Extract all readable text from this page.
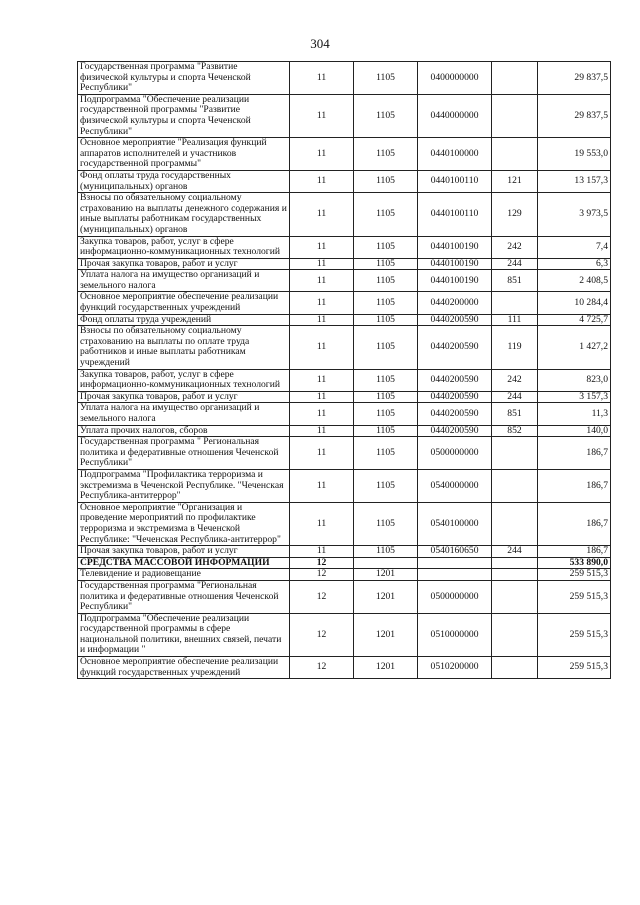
304
Государственная программа "Развитие физической культуры и спорта Чеченской Республики"	11	1105	0400000000		29 837,5
Подпрограмма "Обеспечение реализации государственной программы "Развитие физической культуры и спорта Чеченской Республики"	11	1105	0440000000		29 837,5
Основное мероприятие "Реализация функций аппаратов исполнителей и участников государственной программы"	11	1105	0440100000		19 553,0
Фонд оплаты труда государственных (муниципальных) органов	11	1105	0440100110	121	13 157,3
Взносы по обязательному социальному страхованию на выплаты денежного содержания и иные выплаты работникам государственных (муниципальных) органов	11	1105	0440100110	129	3 973,5
Закупка товаров, работ, услуг в сфере информационно-коммуникационных технологий	11	1105	0440100190	242	7,4
Прочая закупка товаров, работ и услуг	11	1105	0440100190	244	6,3
Уплата налога на имущество организаций и земельного налога	11	1105	0440100190	851	2 408,5
Основное мероприятие обеспечение реализации функций государственных учреждений	11	1105	0440200000		10 284,4
Фонд оплаты труда учреждений	11	1105	0440200590	111	4 725,7
Взносы по обязательному социальному страхованию на выплаты по оплате труда работников и иные выплаты работникам учреждений	11	1105	0440200590	119	1 427,2
Закупка товаров, работ, услуг в сфере информационно-коммуникационных технологий	11	1105	0440200590	242	823,0
Прочая закупка товаров, работ и услуг	11	1105	0440200590	244	3 157,3
Уплата налога на имущество организаций и земельного налога	11	1105	0440200590	851	11,3
Уплата прочих налогов, сборов	11	1105	0440200590	852	140,0
Государственная программа " Региональная политика и федеративные отношения Чеченской Республики"	11	1105	0500000000		186,7
Подпрограмма "Профилактика терроризма и экстремизма в Чеченской Республике. "Чеченская Республика-антитеррор"	11	1105	0540000000		186,7
Основное мероприятие "Организация и проведение мероприятий по профилактике терроризма и экстремизма в Чеченской Республике: "Чеченская Республика-антитеррор"	11	1105	0540100000		186,7
Прочая закупка товаров, работ и услуг	11	1105	0540160650	244	186,7
СРЕДСТВА МАССОВОЙ ИНФОРМАЦИИ	12				533 890,0
Телевидение и радиовещание	12	1201			259 515,3
Государственная программа "Региональная политика и федеративные отношения Чеченской Республики"	12	1201	0500000000		259 515,3
Подпрограмма "Обеспечение реализации государственной программы в сфере национальной политики, внешних связей, печати и информации "	12	1201	0510000000		259 515,3
Основное мероприятие обеспечение реализации функций государственных учреждений	12	1201	0510200000		259 515,3
